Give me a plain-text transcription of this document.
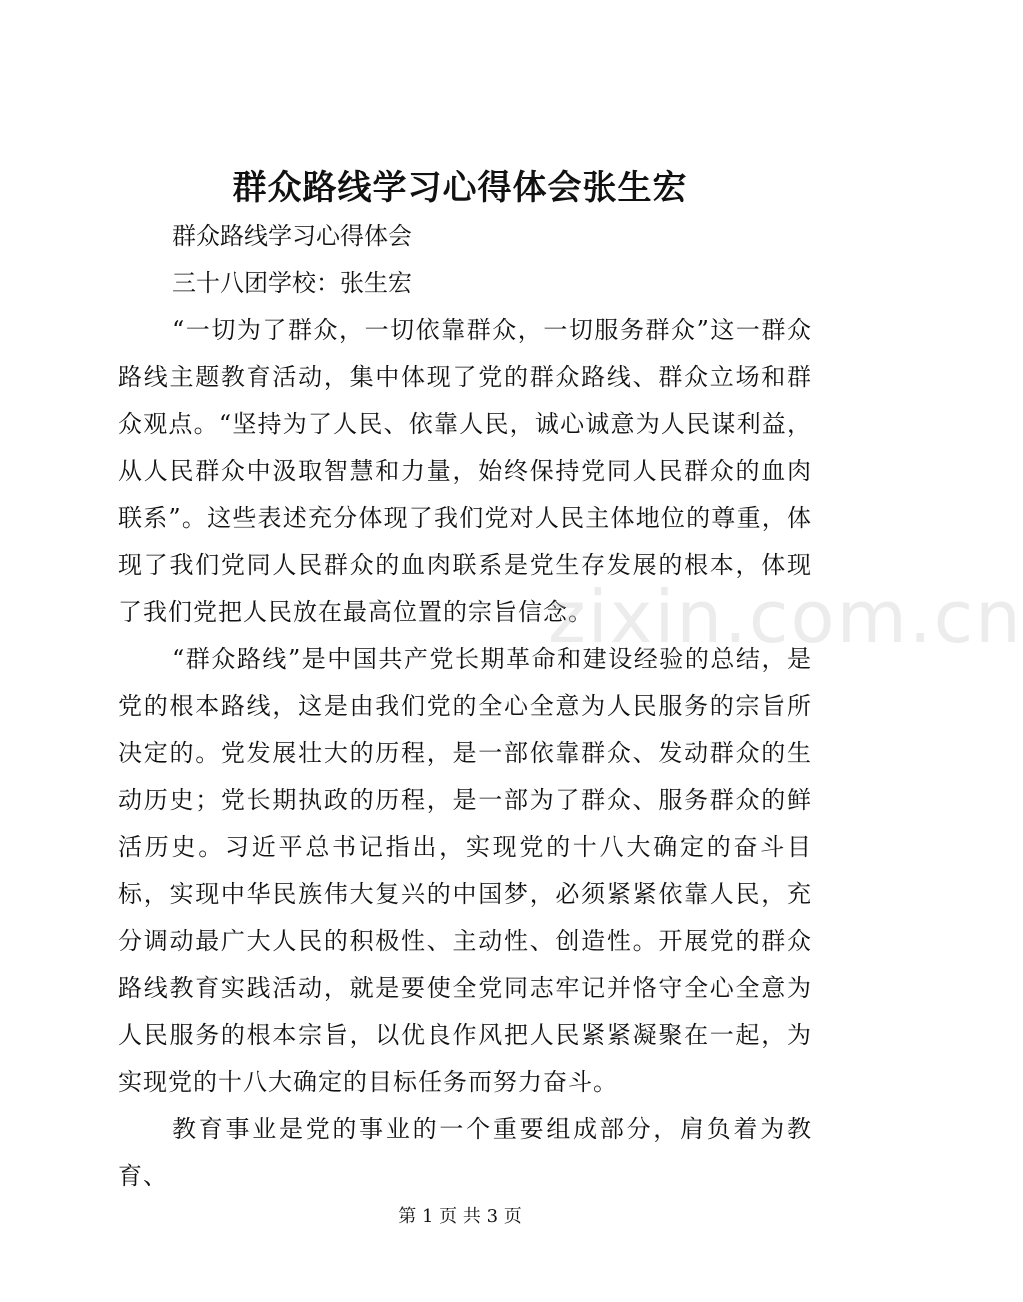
群众路线学习心得体会张生宏

群众路线学习心得体会

三十八团学校：张生宏

“一切为了群众，一切依靠群众，一切服务群众”这一群众路线主题教育活动，集中体现了党的群众路线、群众立场和群众观点。“坚持为了人民、依靠人民，诚心诚意为人民谋利益，从人民群众中汲取智慧和力量，始终保持党同人民群众的血肉联系”。这些表述充分体现了我们党对人民主体地位的尊重，体现了我们党同人民群众的血肉联系是党生存发展的根本，体现了我们党把人民放在最高位置的宗旨信念。

“群众路线”是中国共产党长期革命和建设经验的总结，是党的根本路线，这是由我们党的全心全意为人民服务的宗旨所决定的。党发展壮大的历程，是一部依靠群众、发动群众的生动历史；党长期执政的历程，是一部为了群众、服务群众的鲜活历史。习近平总书记指出，实现党的十八大确定的奋斗目标，实现中华民族伟大复兴的中国梦，必须紧紧依靠人民，充分调动最广大人民的积极性、主动性、创造性。开展党的群众路线教育实践活动，就是要使全党同志牢记并恪守全心全意为人民服务的根本宗旨，以优良作风把人民紧紧凝聚在一起，为实现党的十八大确定的目标任务而努力奋斗。

教育事业是党的事业的一个重要组成部分，肩负着为教育、

zixin.com.cn
第 1 页 共 3 页
